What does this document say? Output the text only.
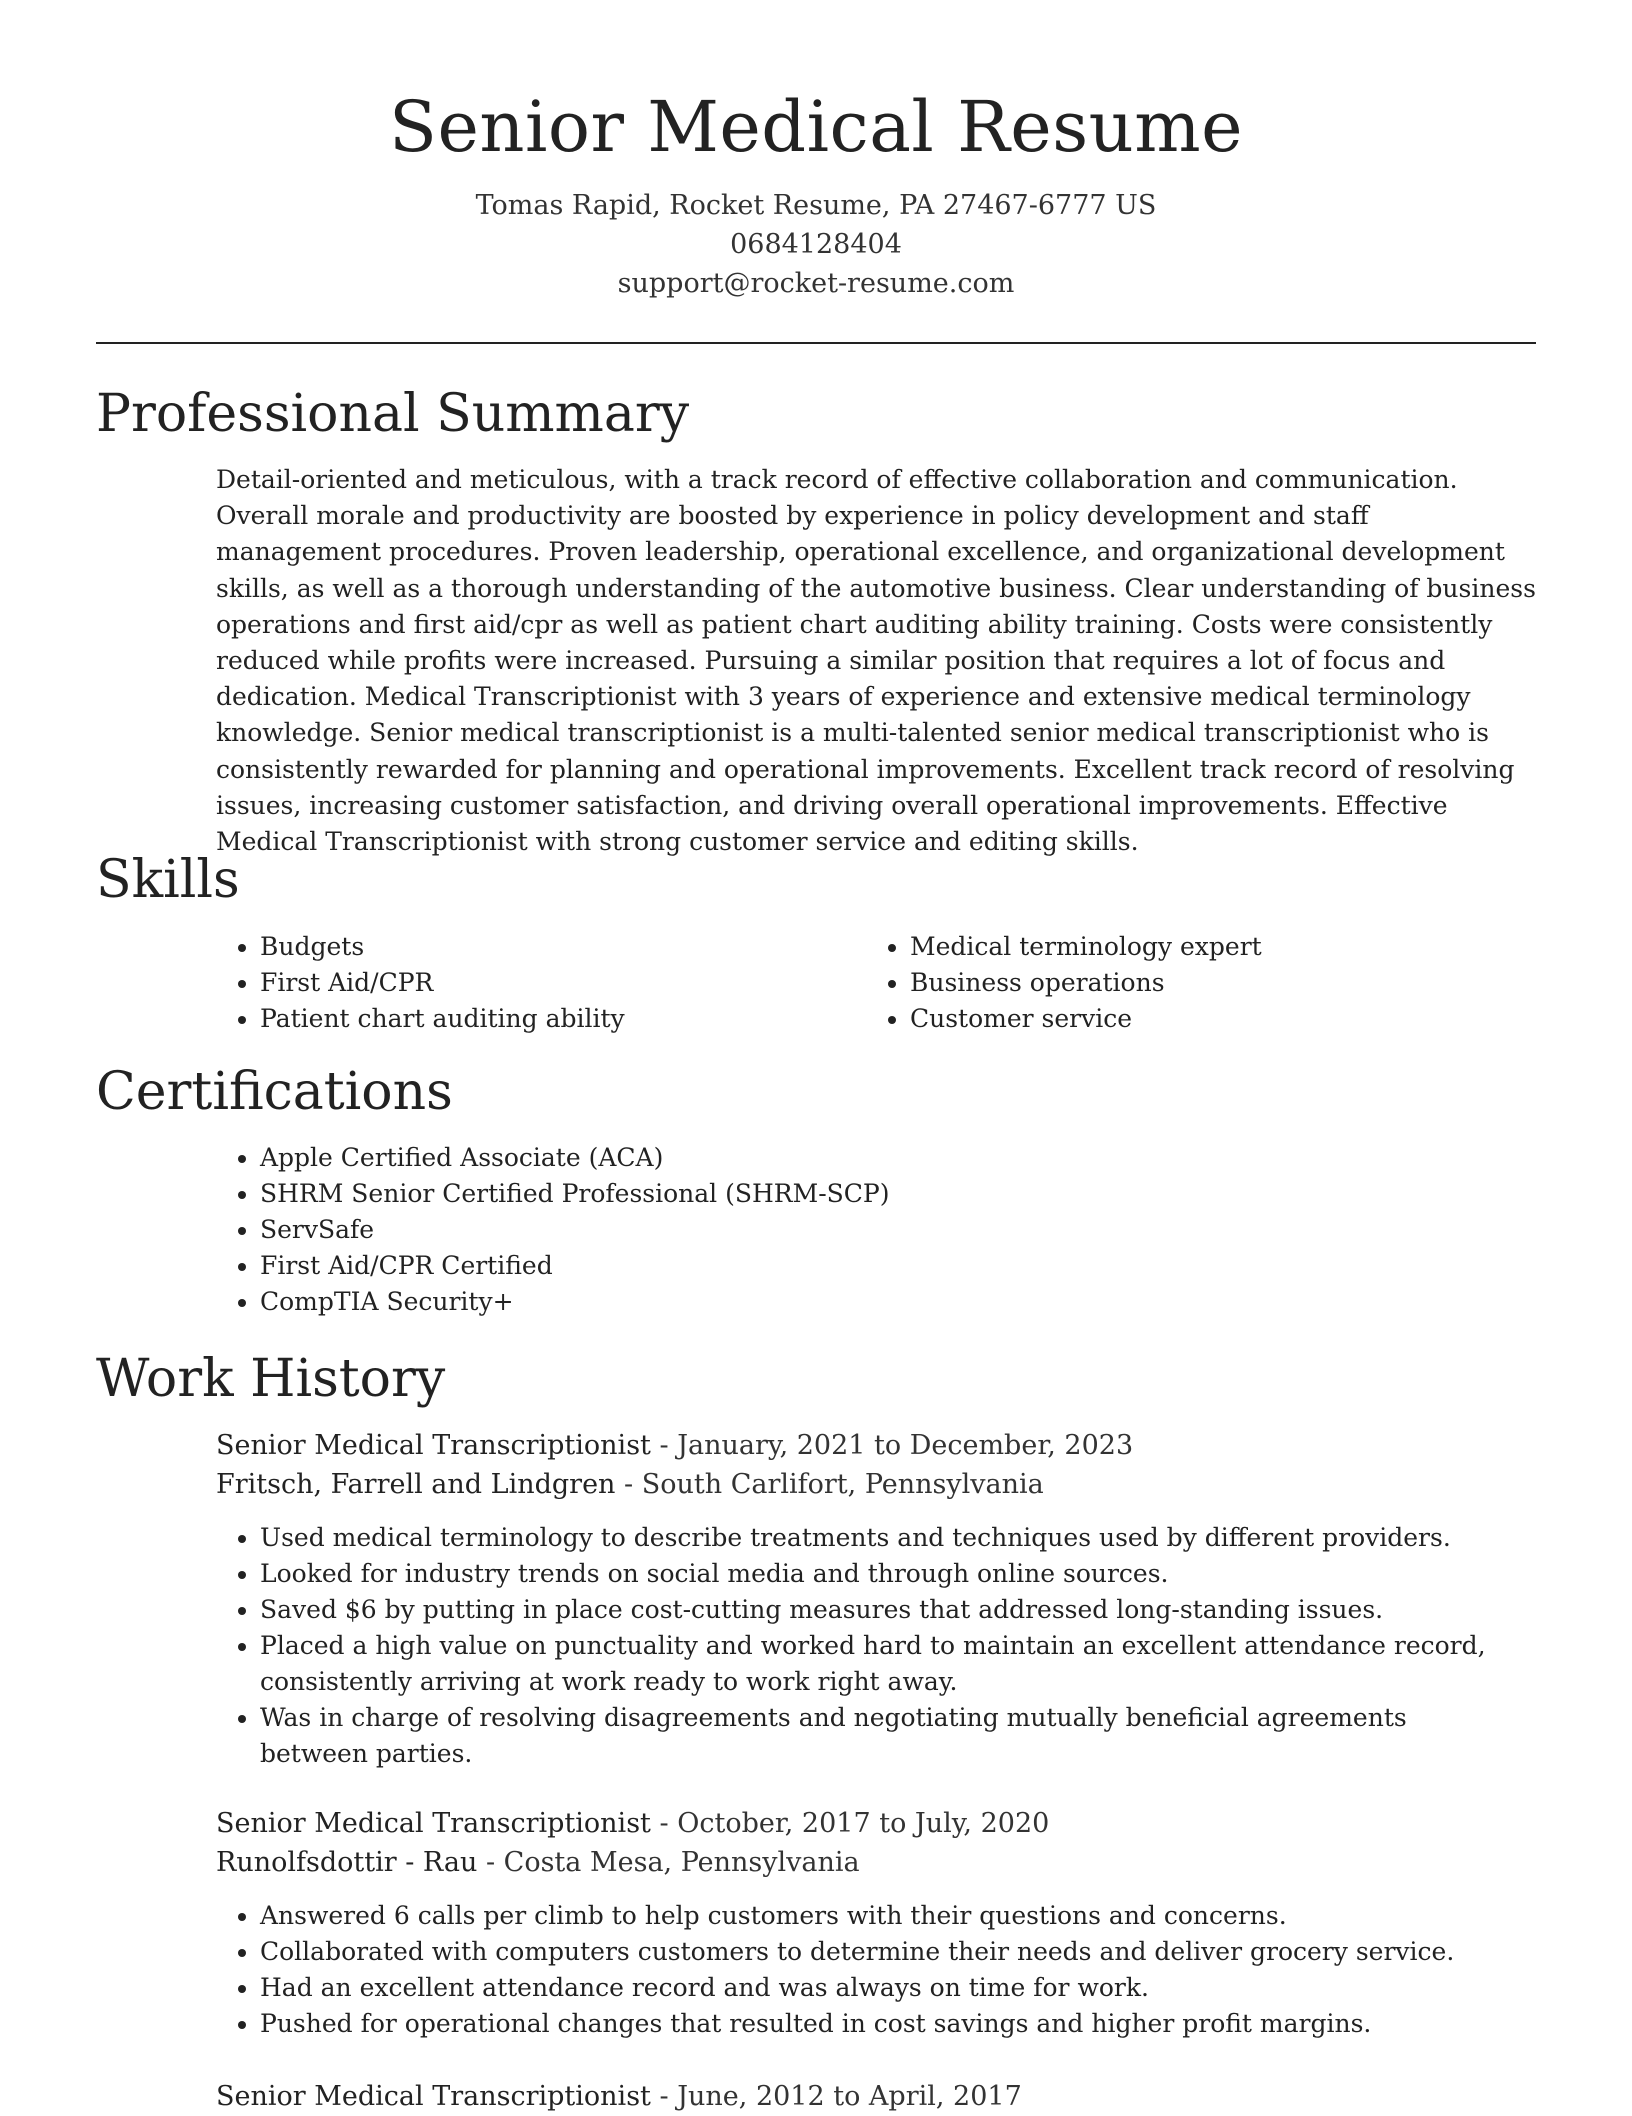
Senior Medical Resume
Tomas Rapid, Rocket Resume, PA 27467-6777 US
0684128404
support@rocket-resume.com
Professional Summary

Detail-oriented and meticulous, with a track record of effective collaboration and communication. Overall morale and productivity are boosted by experience in policy development and staff management procedures. Proven leadership, operational excellence, and organizational development skills, as well as a thorough understanding of the automotive business. Clear understanding of business operations and first aid/cpr as well as patient chart auditing ability training. Costs were consistently reduced while profits were increased. Pursuing a similar position that requires a lot of focus and dedication. Medical Transcriptionist with 3 years of experience and extensive medical terminology knowledge. Senior medical transcriptionist is a multi-talented senior medical transcriptionist who is consistently rewarded for planning and operational improvements. Excellent track record of resolving issues, increasing customer satisfaction, and driving overall operational improvements. Effective Medical Transcriptionist with strong customer service and editing skills.

Skills
• Budgets
• First Aid/CPR
• Patient chart auditing ability
• Medical terminology expert
• Business operations
• Customer service
Certifications
• Apple Certified Associate (ACA)
• SHRM Senior Certified Professional (SHRM-SCP)
• ServSafe
• First Aid/CPR Certified
• CompTIA Security+
Work History
Senior Medical Transcriptionist - January, 2021 to December, 2023
Fritsch, Farrell and Lindgren - South Carlifort, Pennsylvania
• Used medical terminology to describe treatments and techniques used by different providers.
• Looked for industry trends on social media and through online sources.
• Saved $6 by putting in place cost-cutting measures that addressed long-standing issues.
• Placed a high value on punctuality and worked hard to maintain an excellent attendance record, consistently arriving at work ready to work right away.
• Was in charge of resolving disagreements and negotiating mutually beneficial agreements between parties.
Senior Medical Transcriptionist - October, 2017 to July, 2020
Runolfsdottir - Rau - Costa Mesa, Pennsylvania
• Answered 6 calls per climb to help customers with their questions and concerns.
• Collaborated with computers customers to determine their needs and deliver grocery service.
• Had an excellent attendance record and was always on time for work.
• Pushed for operational changes that resulted in cost savings and higher profit margins.
Senior Medical Transcriptionist - June, 2012 to April, 2017
